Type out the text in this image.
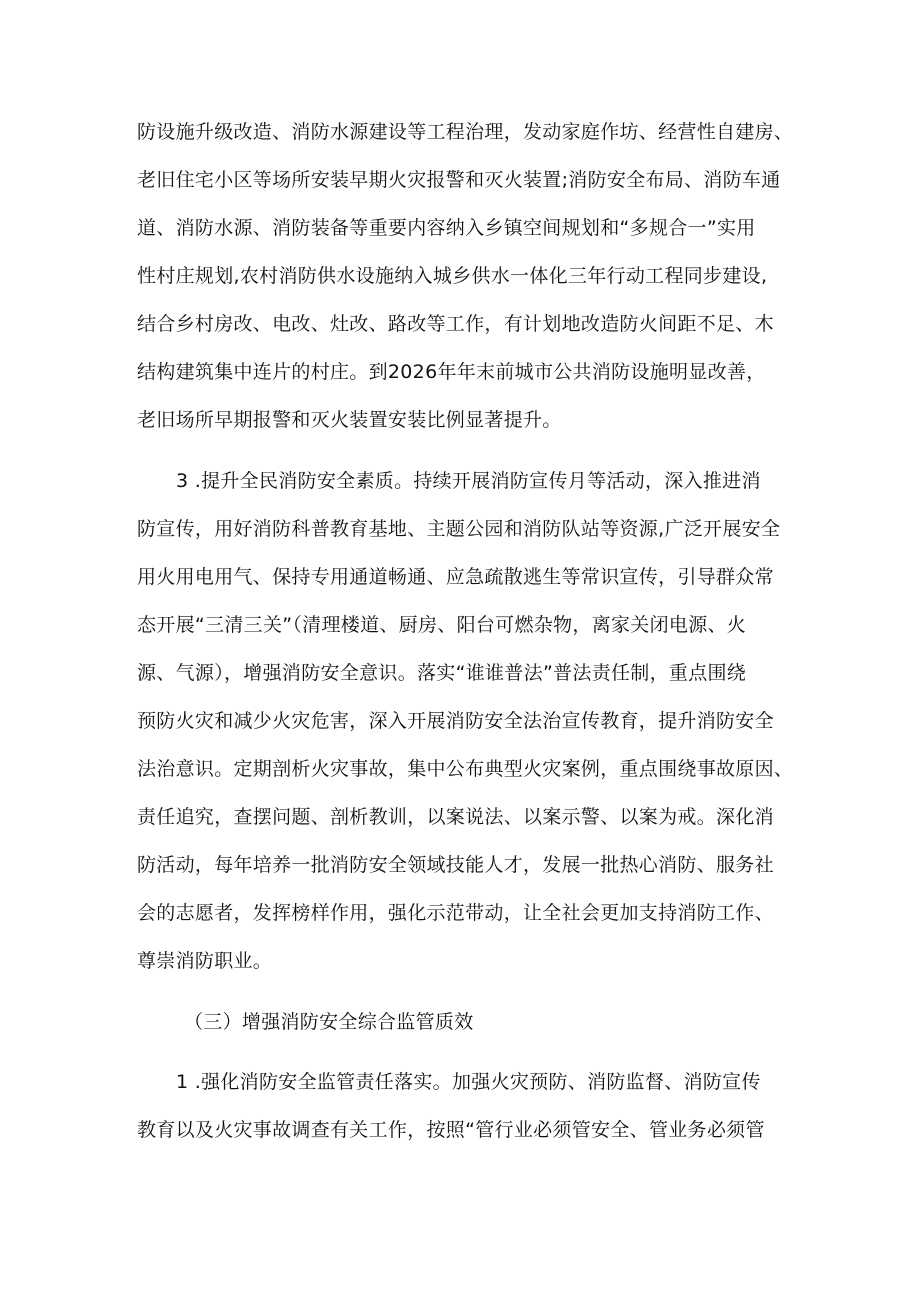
防设施升级改造、消防水源建设等工程治理，发动家庭作坊、经营性自建房、
老旧住宅小区等场所安装早期火灾报警和灭火装置;消防安全布局、消防车通
道、消防水源、消防装备等重要内容纳入乡镇空间规划和“多规合一”实用
性村庄规划,农村消防供水设施纳入城乡供水一体化三年行动工程同步建设,
结合乡村房改、电改、灶改、路改等工作，有计划地改造防火间距不足、木
结构建筑集中连片的村庄。到2026年年末前城市公共消防设施明显改善，
老旧场所早期报警和灭火装置安装比例显著提升。
3 .提升全民消防安全素质。持续开展消防宣传月等活动，深入推进消
防宣传，用好消防科普教育基地、主题公园和消防队站等资源,广泛开展安全
用火用电用气、保持专用通道畅通、应急疏散逃生等常识宣传，引导群众常
态开展“三清三关”（清理楼道、厨房、阳台可燃杂物，离家关闭电源、火
源、气源），增强消防安全意识。落实“谁谁普法”普法责任制，重点围绕
预防火灾和减少火灾危害，深入开展消防安全法治宣传教育，提升消防安全
法治意识。定期剖析火灾事故，集中公布典型火灾案例，重点围绕事故原因、
责任追究，查摆问题、剖析教训，以案说法、以案示警、以案为戒。深化消
防活动，每年培养一批消防安全领域技能人才，发展一批热心消防、服务社
会的志愿者，发挥榜样作用，强化示范带动，让全社会更加支持消防工作、
尊崇消防职业。
（三）增强消防安全综合监管质效
1 .强化消防安全监管责任落实。加强火灾预防、消防监督、消防宣传
教育以及火灾事故调查有关工作，按照“管行业必须管安全、管业务必须管
